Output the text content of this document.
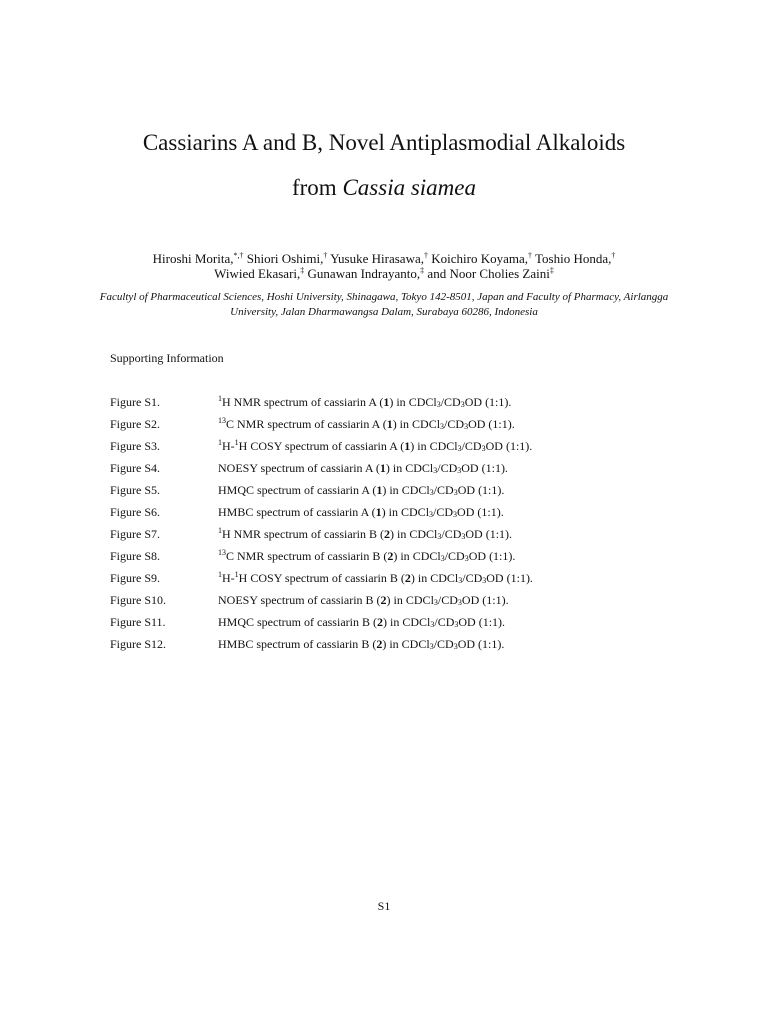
Cassiarins A and B, Novel Antiplasmodial Alkaloids
from Cassia siamea
Hiroshi Morita,*,† Shiori Oshimi,† Yusuke Hirasawa,† Koichiro Koyama,† Toshio Honda,†
Wiwied Ekasari,‡ Gunawan Indrayanto,‡ and Noor Cholies Zaini‡
Facultyl of Pharmaceutical Sciences, Hoshi University, Shinagawa, Tokyo 142-8501, Japan and Faculty of Pharmacy, Airlangga University, Jalan Dharmawangsa Dalam, Surabaya 60286, Indonesia
Supporting Information
Figure S1.	$^1$H NMR spectrum of cassiarin A (1) in $CDCl_3/CD_3OD$ (1:1).
Figure S2.	$^{13}$C NMR spectrum of cassiarin A (1) in $CDCl_3/CD_3OD$ (1:1).
Figure S3.	$^1$H-$^1$H COSY spectrum of cassiarin A (1) in $CDCl_3/CD_3OD$ (1:1).
Figure S4.	NOESY spectrum of cassiarin A (1) in $CDCl_3/CD_3OD$ (1:1).
Figure S5.	HMQC spectrum of cassiarin A (1) in $CDCl_3/CD_3OD$ (1:1).
Figure S6.	HMBC spectrum of cassiarin A (1) in $CDCl_3/CD_3OD$ (1:1).
Figure S7.	$^1$H NMR spectrum of cassiarin B (2) in $CDCl_3/CD_3OD$ (1:1).
Figure S8.	$^{13}$C NMR spectrum of cassiarin B (2) in $CDCl_3/CD_3OD$ (1:1).
Figure S9.	$^1$H-$^1$H COSY spectrum of cassiarin B (2) in $CDCl_3/CD_3OD$ (1:1).
Figure S10.	NOESY spectrum of cassiarin B (2) in $CDCl_3/CD_3OD$ (1:1).
Figure S11.	HMQC spectrum of cassiarin B (2) in $CDCl_3/CD_3OD$ (1:1).
Figure S12.	HMBC spectrum of cassiarin B (2) in $CDCl_3/CD_3OD$ (1:1).
S1
